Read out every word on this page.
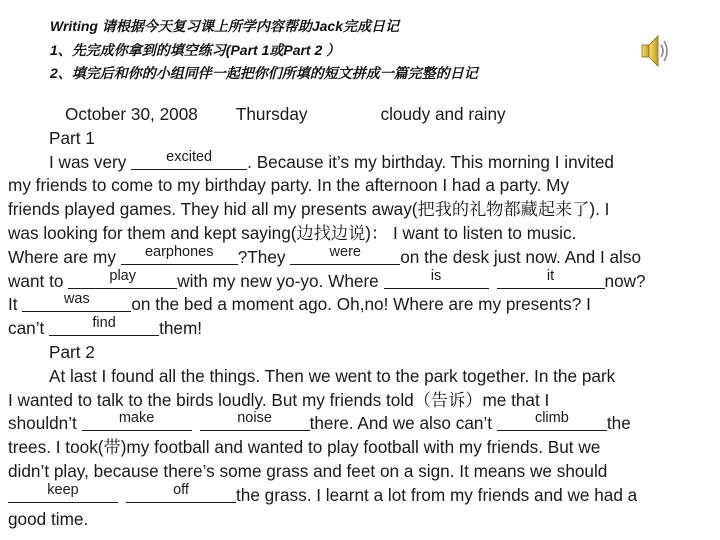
Writing 请根据今天复习课上所学内容帮助Jack完成日记
1、先完成你拿到的填空练习(Part 1或Part 2 ）
2、填完后和你的小组同伴一起把你们所填的短文拼成一篇完整的日记
October 30, 2008 Thursday	cloudy and rainy
Part 1
I was very	excited	. Because it’s my birthday. This morning I invited
my friends to come to my birthday party. In the afternoon I had a party. My
friends played games. They hid all my presents away(把我的礼物都藏起来了). I
was looking for them and kept saying(边找边说)： I want to listen to music.
Where are my	earphones	?They	were	on the desk just now. And I also
want to	play	with my new yo-yo. Where	is	it	now?
It	was	on the bed a moment ago. Oh,no! Where are my presents? I
can’t	find	them!
Part 2
At last I found all the things. Then we went to the park together. In the park
I wanted to talk to the birds loudly. But my friends told（告诉）me that I
shouldn’t	make	noise	there. And we also can’t	climb	the
trees. I took(带)my football and wanted to play football with my friends. But we
didn’t play, because there’s some grass and feet on a sign. It means we should
keep	off	the grass. I learnt a lot from my friends and we had a
good time.
